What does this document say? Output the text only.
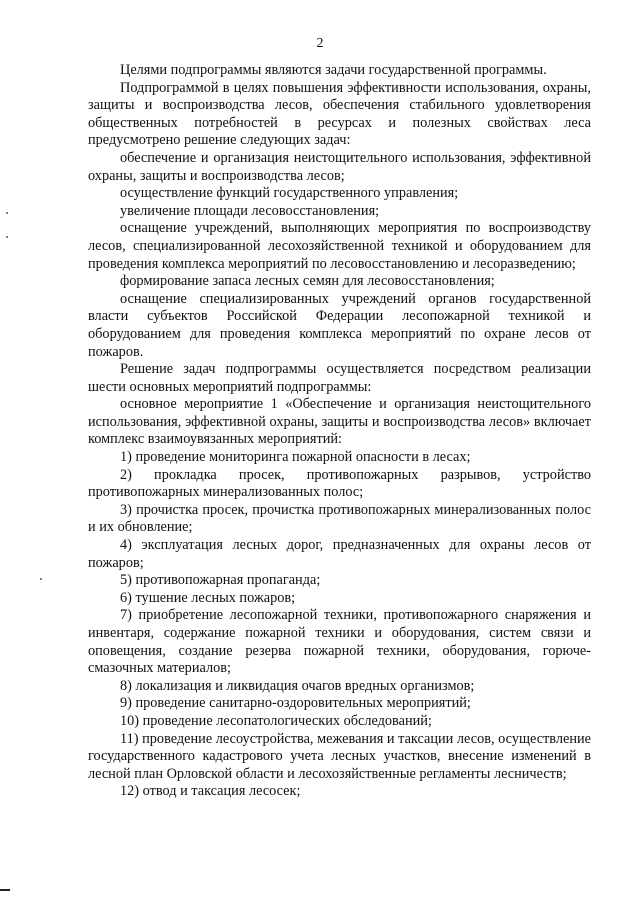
2

Целями подпрограммы являются задачи государственной программы.

Подпрограммой в целях повышения эффективности использования, охраны, защиты и воспроизводства лесов, обеспечения стабильного удовлетворения общественных потребностей в ресурсах и полезных свойствах леса предусмотрено решение следующих задач:

обеспечение и организация неистощительного использования, эффективной охраны, защиты и воспроизводства лесов;

осуществление функций государственного управления;

увеличение площади лесовосстановления;

оснащение учреждений, выполняющих мероприятия по воспроизводству лесов, специализированной лесохозяйственной техникой и оборудованием для проведения комплекса мероприятий по лесовосстановлению и лесоразведению;

формирование запаса лесных семян для лесовосстановления;

оснащение специализированных учреждений органов государственной власти субъектов Российской Федерации лесопожарной техникой и оборудованием для проведения комплекса мероприятий по охране лесов от пожаров.

Решение задач подпрограммы осуществляется посредством реализации шести основных мероприятий подпрограммы:

основное мероприятие 1 «Обеспечение и организация неистощительного использования, эффективной охраны, защиты и воспроизводства лесов» включает комплекс взаимоувязанных мероприятий:

1) проведение мониторинга пожарной опасности в лесах;

2) прокладка просек, противопожарных разрывов, устройство противопожарных минерализованных полос;

3) прочистка просек, прочистка противопожарных минерализованных полос и их обновление;

4) эксплуатация лесных дорог, предназначенных для охраны лесов от пожаров;

5) противопожарная пропаганда;

6) тушение лесных пожаров;

7) приобретение лесопожарной техники, противопожарного снаряжения и инвентаря, содержание пожарной техники и оборудования, систем связи и оповещения, создание резерва пожарной техники, оборудования, горюче-смазочных материалов;

8) локализация и ликвидация очагов вредных организмов;

9) проведение санитарно-оздоровительных мероприятий;

10) проведение лесопатологических обследований;

11) проведение лесоустройства, межевания и таксации лесов, осуществление государственного кадастрового учета лесных участков, внесение изменений в лесной план Орловской области и лесохозяйственные регламенты лесничеств;

12) отвод и таксация лесосек;
